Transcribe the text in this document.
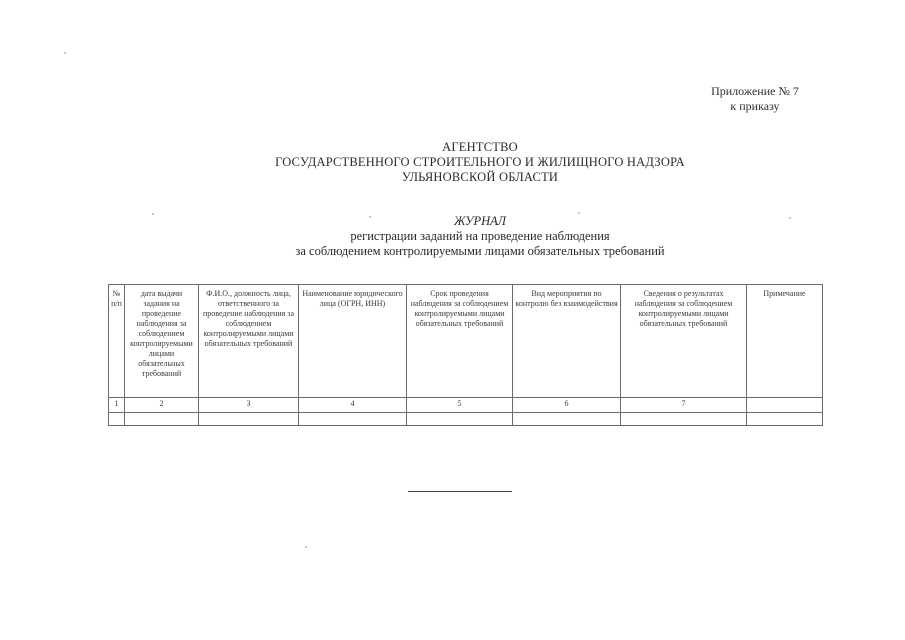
Приложение № 7
к приказу
АГЕНТСТВО
ГОСУДАРСТВЕННОГО СТРОИТЕЛЬНОГО И ЖИЛИЩНОГО НАДЗОРА
УЛЬЯНОВСКОЙ ОБЛАСТИ
ЖУРНАЛ
регистрации заданий на проведение наблюдения
за соблюдением контролируемыми лицами обязательных требований
№ п/п	дата выдачи задания на проведение наблюдения за соблюдением контролируемыми лицами обязательных требований	Ф.И.О., должность лица, ответственного за проведение наблюдения за соблюдением контролируемыми лицами обязательных требований	Наименование юридического лица (ОГРН, ИНН)	Срок проведения наблюдения за соблюдением контролируемыми лицами обязательных требований	Вид мероприятия по контролю без взаимодействия	Сведения о результатах наблюдения за соблюдением контролируемыми лицами обязательных требований	Примечание
1	2	3	4	5	6	7	
